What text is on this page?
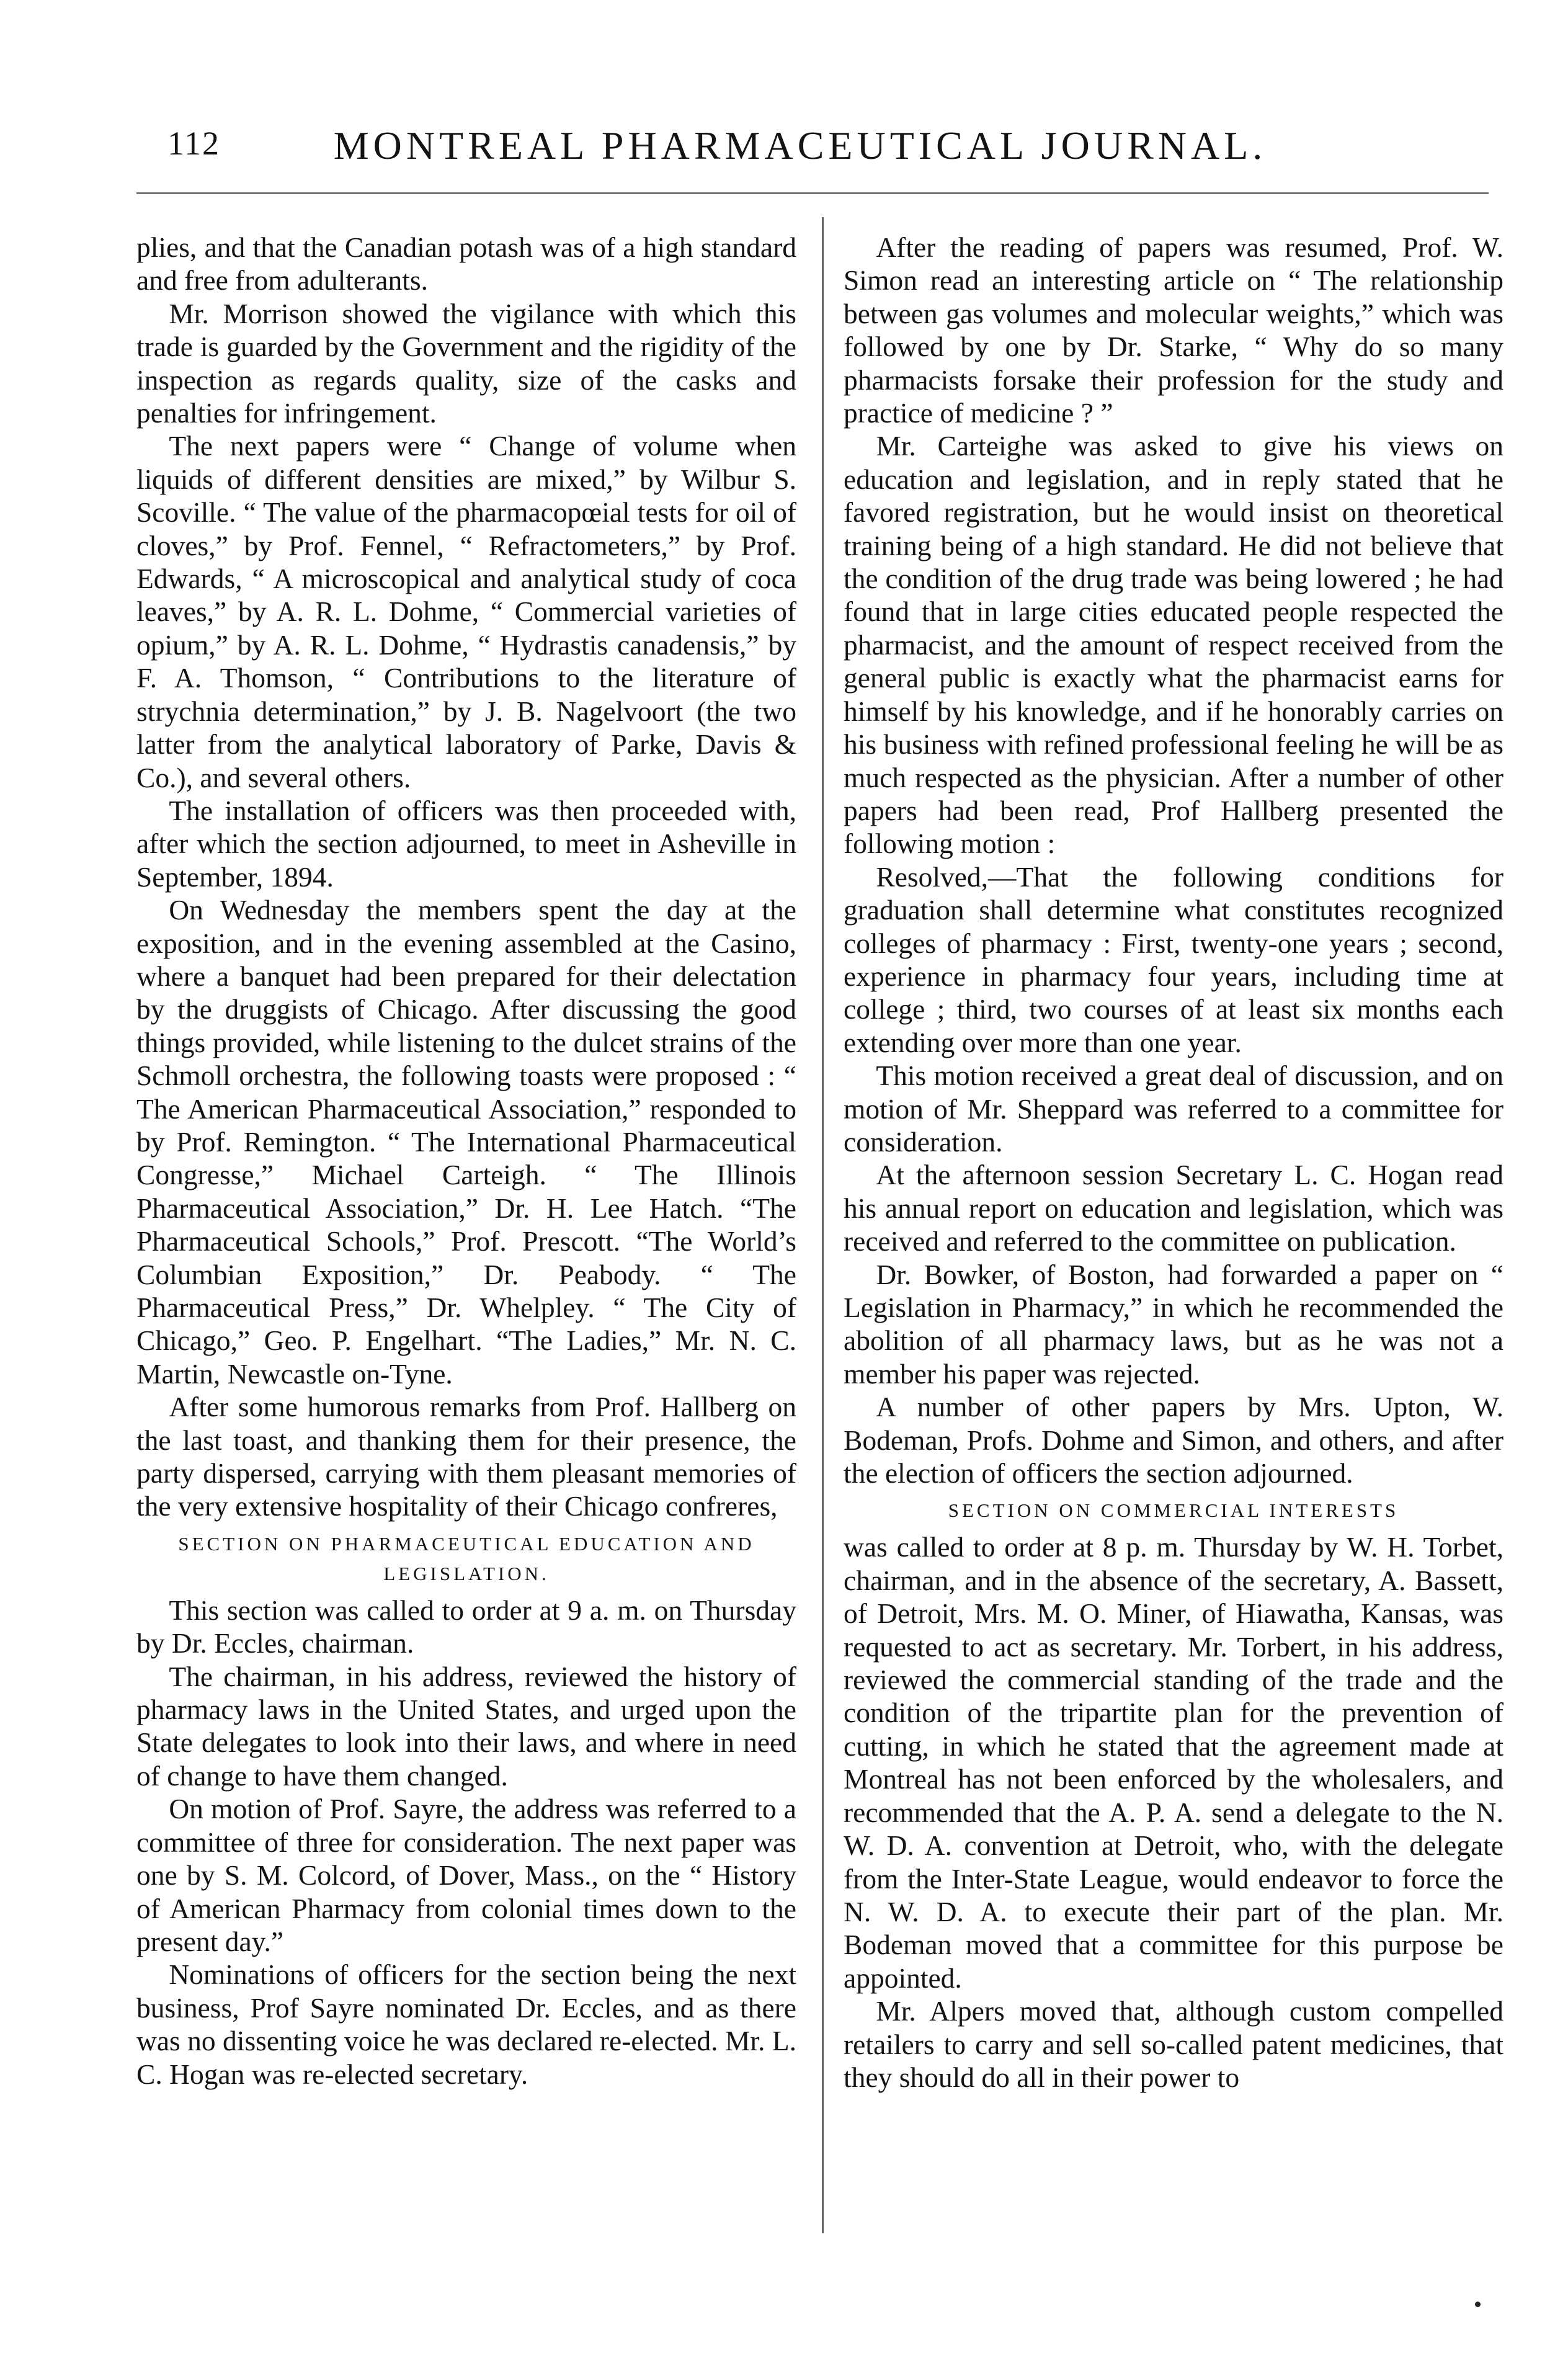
112	MONTREAL PHARMACEUTICAL JOURNAL.

plies, and that the Canadian potash was of a high standard and free from adulterants.

Mr. Morrison showed the vigilance with which this trade is guarded by the Government and the rigidity of the inspection as regards quality, size of the casks and penalties for infringement.

The next papers were “ Change of volume when liquids of different densities are mixed,” by Wilbur S. Scoville. “ The value of the pharmacopœial tests for oil of cloves,” by Prof. Fennel, “ Refractometers,” by Prof. Edwards, “ A microscopical and analytical study of coca leaves,” by A. R. L. Dohme, “ Commercial varieties of opium,” by A. R. L. Dohme, “ Hydrastis canadensis,” by F. A. Thomson, “ Contributions to the literature of strychnia determination,” by J. B. Nagelvoort (the two latter from the analytical laboratory of Parke, Davis & Co.), and several others.

The installation of officers was then proceeded with, after which the section adjourned, to meet in Asheville in September, 1894.

On Wednesday the members spent the day at the exposition, and in the evening assembled at the Casino, where a banquet had been prepared for their delectation by the druggists of Chicago. After discussing the good things provided, while listening to the dulcet strains of the Schmoll orchestra, the following toasts were proposed : “ The American Pharmaceutical Association,” responded to by Prof. Remington. “ The International Pharmaceutical Congresse,” Michael Carteigh. “ The Illinois Pharmaceutical Association,” Dr. H. Lee Hatch. “The Pharmaceutical Schools,” Prof. Prescott. “The World’s Columbian Exposition,” Dr. Peabody. “ The Pharmaceutical Press,” Dr. Whelpley. “ The City of Chicago,” Geo. P. Engelhart. “The Ladies,” Mr. N. C. Martin, Newcastle on-Tyne.

After some humorous remarks from Prof. Hallberg on the last toast, and thanking them for their presence, the party dispersed, carrying with them pleasant memories of the very extensive hospitality of their Chicago confreres,

SECTION ON PHARMACEUTICAL EDUCATION AND LEGISLATION.

This section was called to order at 9 a. m. on Thursday by Dr. Eccles, chairman.

The chairman, in his address, reviewed the history of pharmacy laws in the United States, and urged upon the State delegates to look into their laws, and where in need of change to have them changed.

On motion of Prof. Sayre, the address was referred to a committee of three for consideration. The next paper was one by S. M. Colcord, of Dover, Mass., on the “ History of American Pharmacy from colonial times down to the present day.”

Nominations of officers for the section being the next business, Prof Sayre nominated Dr. Eccles, and as there was no dissenting voice he was declared re-elected. Mr. L. C. Hogan was re-elected secretary.

After the reading of papers was resumed, Prof. W. Simon read an interesting article on “ The relationship between gas volumes and molecular weights,” which was followed by one by Dr. Starke, “ Why do so many pharmacists forsake their profession for the study and practice of medicine ? ”

Mr. Carteighe was asked to give his views on education and legislation, and in reply stated that he favored registration, but he would insist on theoretical training being of a high standard. He did not believe that the condition of the drug trade was being lowered ; he had found that in large cities educated people respected the pharmacist, and the amount of respect received from the general public is exactly what the pharmacist earns for himself by his knowledge, and if he honorably carries on his business with refined professional feeling he will be as much respected as the physician. After a number of other papers had been read, Prof Hallberg presented the following motion :

Resolved,—That the following conditions for graduation shall determine what constitutes recognized colleges of pharmacy : First, twenty-one years ; second, experience in pharmacy four years, including time at college ; third, two courses of at least six months each extending over more than one year.

This motion received a great deal of discussion, and on motion of Mr. Sheppard was referred to a committee for consideration.

At the afternoon session Secretary L. C. Hogan read his annual report on education and legislation, which was received and referred to the committee on publication.

Dr. Bowker, of Boston, had forwarded a paper on “ Legislation in Pharmacy,” in which he recommended the abolition of all pharmacy laws, but as he was not a member his paper was rejected.

A number of other papers by Mrs. Upton, W. Bodeman, Profs. Dohme and Simon, and others, and after the election of officers the section adjourned.

SECTION ON COMMERCIAL INTERESTS

was called to order at 8 p. m. Thursday by W. H. Torbet, chairman, and in the absence of the secretary, A. Bassett, of Detroit, Mrs. M. O. Miner, of Hiawatha, Kansas, was requested to act as secretary. Mr. Torbert, in his address, reviewed the commercial standing of the trade and the condition of the tripartite plan for the prevention of cutting, in which he stated that the agreement made at Montreal has not been enforced by the wholesalers, and recommended that the A. P. A. send a delegate to the N. W. D. A. convention at Detroit, who, with the delegate from the Inter-State League, would endeavor to force the N. W. D. A. to execute their part of the plan. Mr. Bodeman moved that a committee for this purpose be appointed.

Mr. Alpers moved that, although custom compelled retailers to carry and sell so-called patent medicines, that they should do all in their power to
